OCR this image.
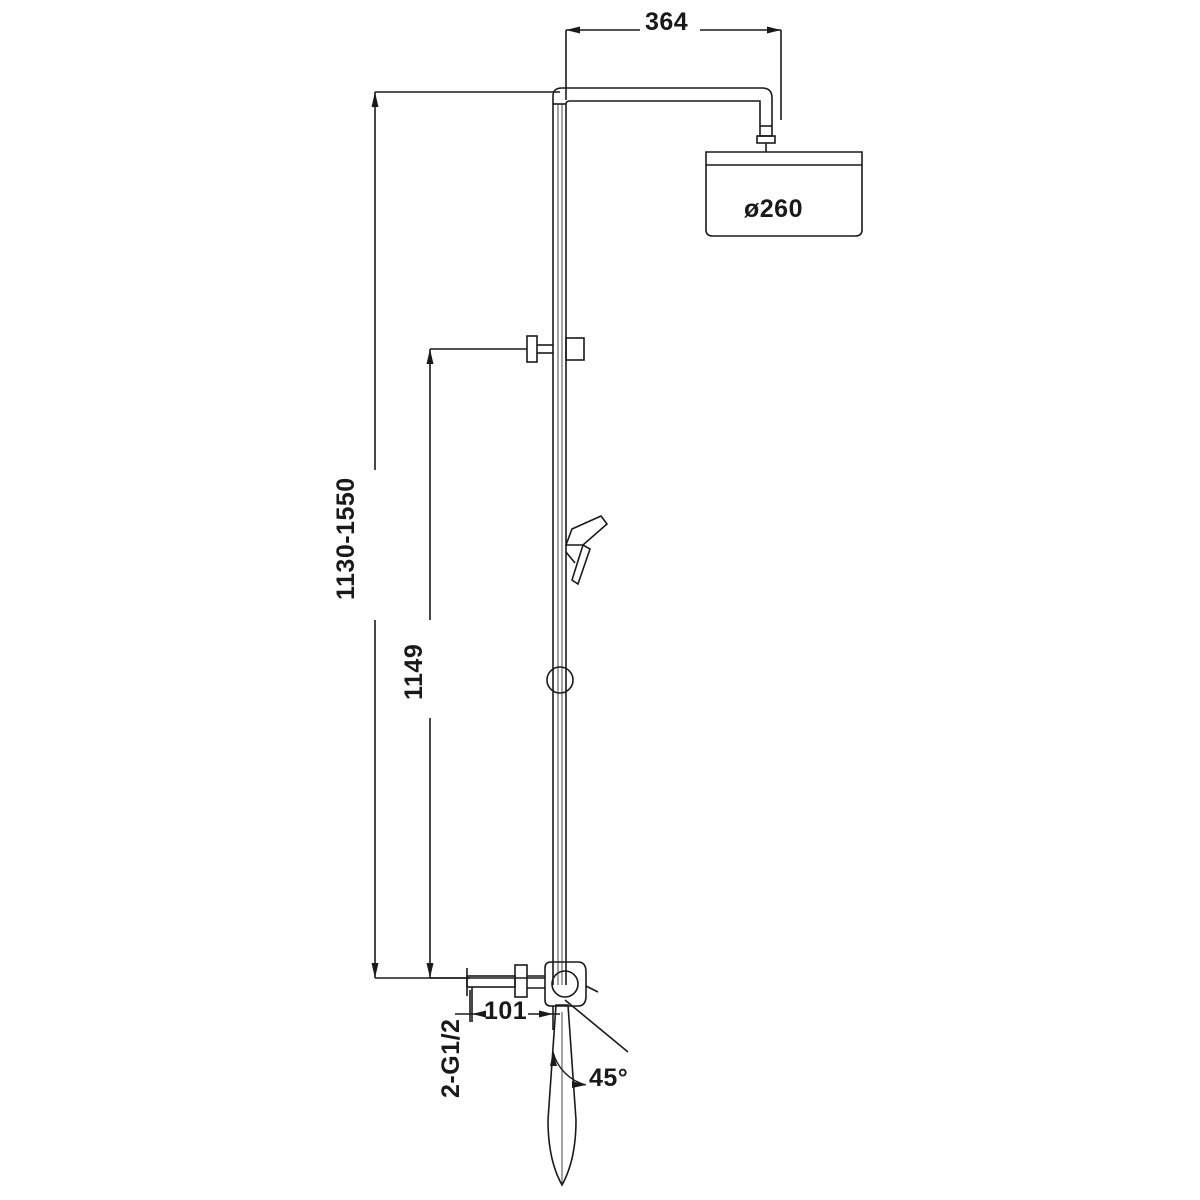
364
ø260
1130-1550
1149
101
2-G1/2	45°
